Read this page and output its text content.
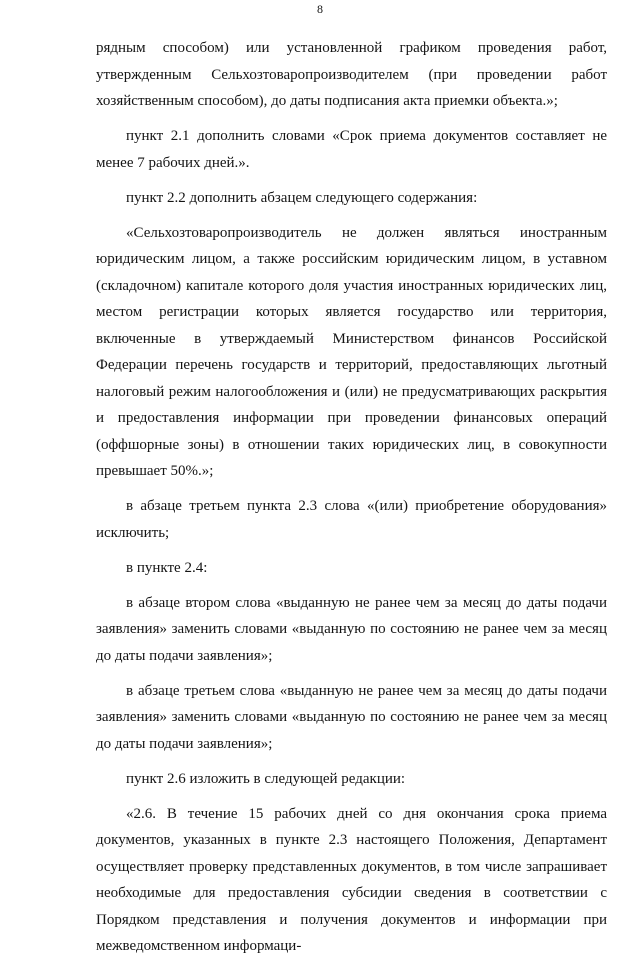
8

рядным способом) или установленной графиком проведения работ, утвержденным Сельхозтоваропроизводителем (при проведении работ хозяйственным способом), до даты подписания акта приемки объекта.»;

пункт 2.1 дополнить словами «Срок приема документов составляет не менее 7 рабочих дней.».

пункт 2.2 дополнить абзацем следующего содержания:

«Сельхозтоваропроизводитель не должен являться иностранным юридическим лицом, а также российским юридическим лицом, в уставном (складочном) капитале которого доля участия иностранных юридических лиц, местом регистрации которых является государство или территория, включенные в утверждаемый Министерством финансов Российской Федерации перечень государств и территорий, предоставляющих льготный налоговый режим налогообложения и (или) не предусматривающих раскрытия и предоставления информации при проведении финансовых операций (оффшорные зоны) в отношении таких юридических лиц, в совокупности превышает 50%.»;

в абзаце третьем пункта 2.3 слова «(или) приобретение оборудования» исключить;

в пункте 2.4:

в абзаце втором слова «выданную не ранее чем за месяц до даты подачи заявления» заменить словами «выданную по состоянию не ранее чем за месяц до даты подачи заявления»;

в абзаце третьем слова «выданную не ранее чем за месяц до даты подачи заявления» заменить словами «выданную по состоянию не ранее чем за месяц до даты подачи заявления»;

пункт 2.6 изложить в следующей редакции:

«2.6. В течение 15 рабочих дней со дня окончания срока приема документов, указанных в пункте 2.3 настоящего Положения, Департамент осуществляет проверку представленных документов, в том числе запрашивает необходимые для предоставления субсидии сведения в соответствии с Порядком представления и получения документов и информации при межведомственном информаци-
